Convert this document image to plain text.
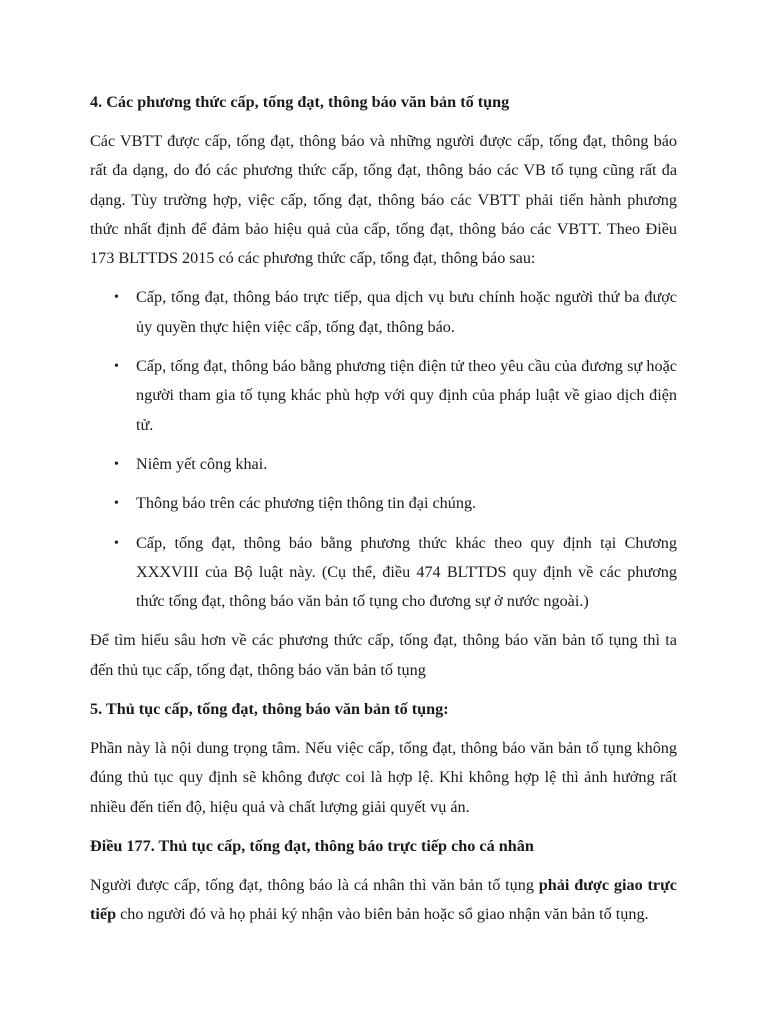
4. Các phương thức cấp, tống đạt, thông báo văn bản tố tụng

Các VBTT được cấp, tống đạt, thông báo và những người được cấp, tống đạt, thông báo rất đa dạng, do đó các phương thức cấp, tống đạt, thông báo các VB tố tụng cũng rất đa dạng. Tùy trường hợp, việc cấp, tống đạt, thông báo các VBTT phải tiến hành phương thức nhất định để đảm bảo hiệu quả của cấp, tống đạt, thông báo các VBTT. Theo Điều 173 BLTTDS 2015 có các phương thức cấp, tống đạt, thông báo sau:

• Cấp, tống đạt, thông báo trực tiếp, qua dịch vụ bưu chính hoặc người thứ ba được ủy quyền thực hiện việc cấp, tống đạt, thông báo.
• Cấp, tống đạt, thông báo bằng phương tiện điện tử theo yêu cầu của đương sự hoặc người tham gia tố tụng khác phù hợp với quy định của pháp luật về giao dịch điện tử.
• Niêm yết công khai.
• Thông báo trên các phương tiện thông tin đại chúng.
• Cấp, tống đạt, thông báo bằng phương thức khác theo quy định tại Chương XXXVIII của Bộ luật này. (Cụ thể, điều 474 BLTTDS quy định về các phương thức tống đạt, thông báo văn bản tố tụng cho đương sự ở nước ngoài.)

Để tìm hiểu sâu hơn về các phương thức cấp, tống đạt, thông báo văn bản tố tụng thì ta đến thủ tục cấp, tống đạt, thông báo văn bản tố tụng

5. Thủ tục cấp, tống đạt, thông báo văn bản tố tụng:

Phần này là nội dung trọng tâm. Nếu việc cấp, tống đạt, thông báo văn bản tố tụng không đúng thủ tục quy định sẽ không được coi là hợp lệ. Khi không hợp lệ thì ảnh hưởng rất nhiều đến tiến độ, hiệu quả và chất lượng giải quyết vụ án.

Điều 177. Thủ tục cấp, tống đạt, thông báo trực tiếp cho cá nhân

Người được cấp, tống đạt, thông báo là cá nhân thì văn bản tố tụng phải được giao trực tiếp cho người đó và họ phải ký nhận vào biên bản hoặc sổ giao nhận văn bản tố tụng.
